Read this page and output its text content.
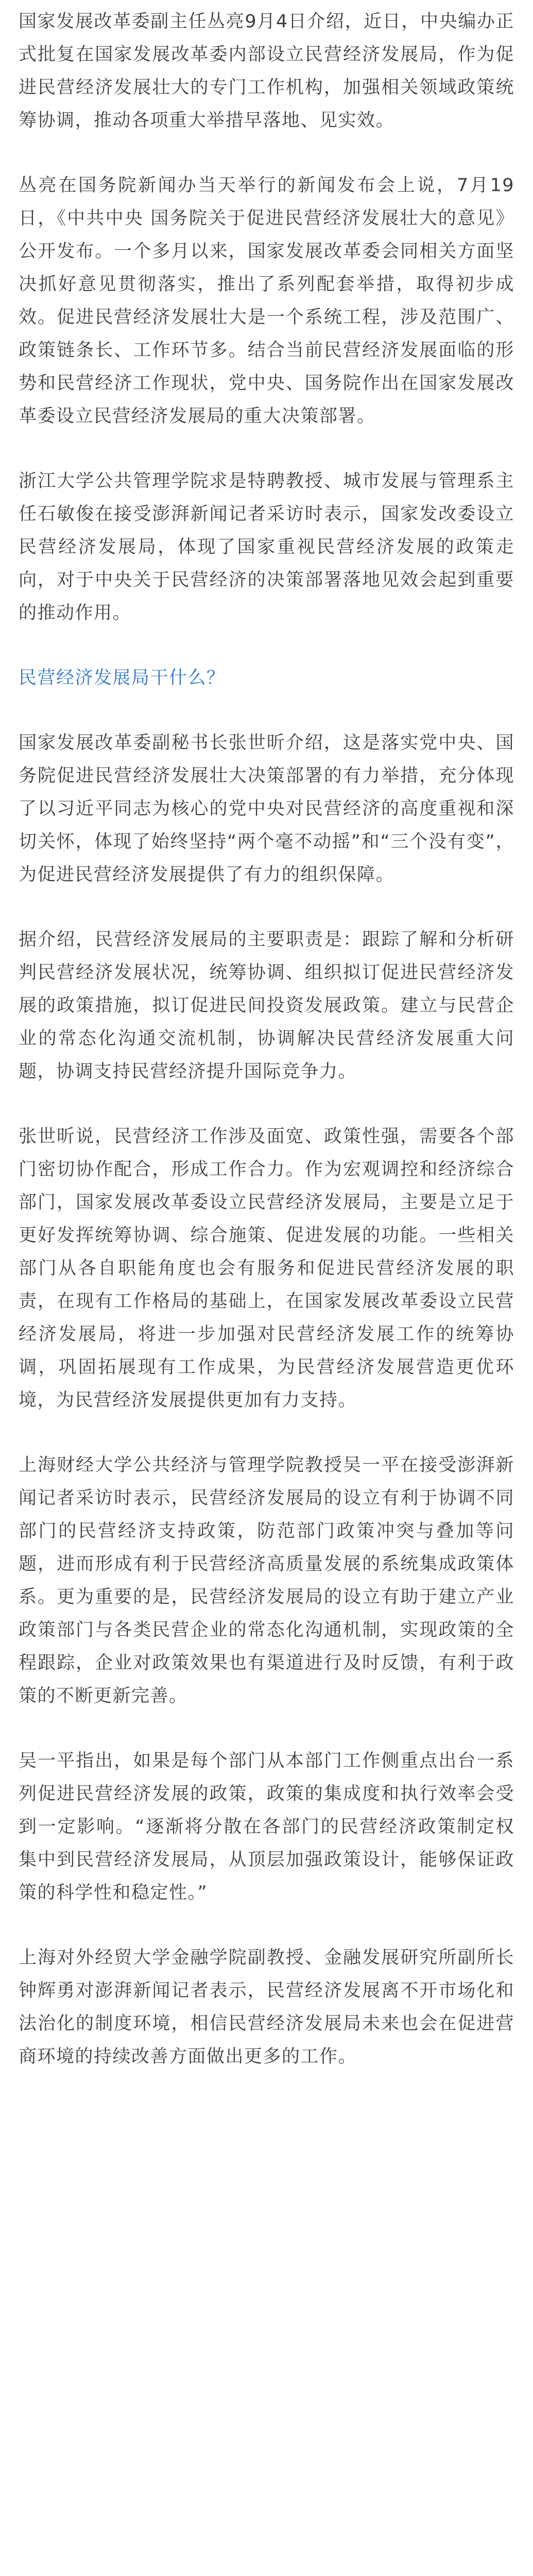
国家发展改革委副主任丛亮9月4日介绍，近日，中央编办正式批复在国家发展改革委内部设立民营经济发展局，作为促进民营经济发展壮大的专门工作机构，加强相关领域政策统筹协调，推动各项重大举措早落地、见实效。

丛亮在国务院新闻办当天举行的新闻发布会上说，7月19日，《中共中央 国务院关于促进民营经济发展壮大的意见》公开发布。一个多月以来，国家发展改革委会同相关方面坚决抓好意见贯彻落实，推出了系列配套举措，取得初步成效。促进民营经济发展壮大是一个系统工程，涉及范围广、政策链条长、工作环节多。结合当前民营经济发展面临的形势和民营经济工作现状，党中央、国务院作出在国家发展改革委设立民营经济发展局的重大决策部署。

浙江大学公共管理学院求是特聘教授、城市发展与管理系主任石敏俊在接受澎湃新闻记者采访时表示，国家发改委设立民营经济发展局，体现了国家重视民营经济发展的政策走向，对于中央关于民营经济的决策部署落地见效会起到重要的推动作用。

民营经济发展局干什么？

国家发展改革委副秘书长张世昕介绍，这是落实党中央、国务院促进民营经济发展壮大决策部署的有力举措，充分体现了以习近平同志为核心的党中央对民营经济的高度重视和深切关怀，体现了始终坚持“两个毫不动摇”和“三个没有变”，为促进民营经济发展提供了有力的组织保障。

据介绍，民营经济发展局的主要职责是：跟踪了解和分析研判民营经济发展状况，统筹协调、组织拟订促进民营经济发展的政策措施，拟订促进民间投资发展政策。建立与民营企业的常态化沟通交流机制，协调解决民营经济发展重大问题，协调支持民营经济提升国际竞争力。

张世昕说，民营经济工作涉及面宽、政策性强，需要各个部门密切协作配合，形成工作合力。作为宏观调控和经济综合部门，国家发展改革委设立民营经济发展局，主要是立足于更好发挥统筹协调、综合施策、促进发展的功能。一些相关部门从各自职能角度也会有服务和促进民营经济发展的职责，在现有工作格局的基础上，在国家发展改革委设立民营经济发展局，将进一步加强对民营经济发展工作的统筹协调，巩固拓展现有工作成果，为民营经济发展营造更优环境，为民营经济发展提供更加有力支持。

上海财经大学公共经济与管理学院教授吴一平在接受澎湃新闻记者采访时表示，民营经济发展局的设立有利于协调不同部门的民营经济支持政策，防范部门政策冲突与叠加等问题，进而形成有利于民营经济高质量发展的系统集成政策体系。更为重要的是，民营经济发展局的设立有助于建立产业政策部门与各类民营企业的常态化沟通机制，实现政策的全程跟踪，企业对政策效果也有渠道进行及时反馈，有利于政策的不断更新完善。

吴一平指出，如果是每个部门从本部门工作侧重点出台一系列促进民营经济发展的政策，政策的集成度和执行效率会受到一定影响。“逐渐将分散在各部门的民营经济政策制定权集中到民营经济发展局，从顶层加强政策设计，能够保证政策的科学性和稳定性。”

上海对外经贸大学金融学院副教授、金融发展研究所副所长钟辉勇对澎湃新闻记者表示，民营经济发展离不开市场化和法治化的制度环境，相信民营经济发展局未来也会在促进营商环境的持续改善方面做出更多的工作。
